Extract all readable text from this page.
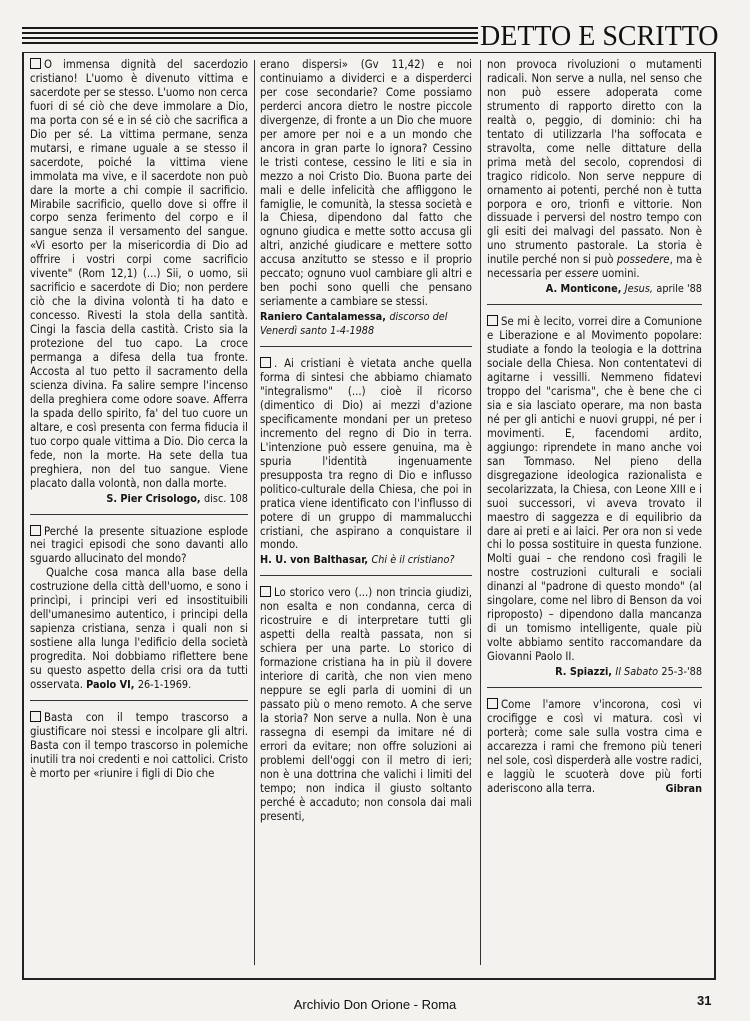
DETTO E SCRITTO

O immensa dignità del sacerdozio cristiano! L'uomo è divenuto vittima e sacerdote per se stesso. L'uomo non cerca fuori di sé ciò che deve immolare a Dio, ma porta con sé e in sé ciò che sacrifica a Dio per sé. La vittima permane, senza mutarsi, e rimane uguale a se stesso il sacerdote, poiché la vittima viene immolata ma vive, e il sacerdote non può dare la morte a chi compie il sacrificio. Mirabile sacrificio, quello dove si offre il corpo senza ferimento del corpo e il sangue senza il versamento del sangue. «Vi esorto per la misericordia di Dio ad offrire i vostri corpi come sacrificio vivente" (Rom 12,1) (...) Sii, o uomo, sii sacrificio e sacerdote di Dio; non perdere ciò che la divina volontà ti ha dato e concesso. Rivesti la stola della santità. Cingi la fascia della castità. Cristo sia la protezione del tuo capo. La croce permanga a difesa della tua fronte. Accosta al tuo petto il sacramento della scienza divina. Fa salire sempre l'incenso della preghiera come odore soave. Afferra la spada dello spirito, fa' del tuo cuore un altare, e così presenta con ferma fiducia il tuo corpo quale vittima a Dio. Dio cerca la fede, non la morte. Ha sete della tua preghiera, non del tuo sangue. Viene placato dalla volontà, non dalla morte.

S. Pier Crisologo, disc. 108

Perché la presente situazione esplode nei tragici episodi che sono davanti allo sguardo allucinato del mondo?

Qualche cosa manca alla base della costruzione della città dell'uomo, e sono i princìpi, i principi veri ed insostituibili dell'umanesimo autentico, i principi della sapienza cristiana, senza i quali non si sostiene alla lunga l'edificio della società progredita. Noi dobbiamo riflettere bene su questo aspetto della crisi ora da tutti osservata. Paolo VI, 26-1-1969.

Basta con il tempo trascorso a giustificare noi stessi e incolpare gli altri. Basta con il tempo trascorso in polemiche inutili tra noi credenti e noi cattolici. Cristo è morto per «riunire i figli di Dio che

erano dispersi» (Gv 11,42) e noi continuiamo a dividerci e a disperderci per cose secondarie? Come possiamo perderci ancora dietro le nostre piccole divergenze, di fronte a un Dio che muore per amore per noi e a un mondo che ancora in gran parte lo ignora? Cessino le tristi contese, cessino le liti e sia in mezzo a noi Cristo Dio. Buona parte dei mali e delle infelicità che affliggono le famiglie, le comunità, la stessa società e la Chiesa, dipendono dal fatto che ognuno giudica e mette sotto accusa gli altri, anziché giudicare e mettere sotto accusa anzitutto se stesso e il proprio peccato; ognuno vuol cambiare gli altri e ben pochi sono quelli che pensano seriamente a cambiare se stessi.

Raniero Cantalamessa, discorso del Venerdì santo 1-4-1988

. Ai cristiani è vietata anche quella forma di sintesi che abbiamo chiamato "integralismo" (...) cioè il ricorso (dimentico di Dio) ai mezzi d'azione specificamente mondani per un preteso incremento del regno di Dio in terra. L'intenzione può essere genuina, ma è spuria l'identità ingenuamente presupposta tra regno di Dio e influsso politico-culturale della Chiesa, che poi in pratica viene identificato con l'influsso di potere di un gruppo di mammalucchi cristiani, che aspirano a conquistare il mondo.

H. U. von Balthasar, Chi è il cristiano?

Lo storico vero (...) non trincia giudizi, non esalta e non condanna, cerca di ricostruire e di interpretare tutti gli aspetti della realtà passata, non si schiera per una parte. Lo storico di formazione cristiana ha in più il dovere interiore di carità, che non vien meno neppure se egli parla di uomini di un passato più o meno remoto. A che serve la storia? Non serve a nulla. Non è una rassegna di esempi da imitare né di errori da evitare; non offre soluzioni ai problemi dell'oggi con il metro di ieri; non è una dottrina che valichi i limiti del tempo; non indica il giusto soltanto perché è accaduto; non consola dai mali presenti,

non provoca rivoluzioni o mutamenti radicali. Non serve a nulla, nel senso che non può essere adoperata come strumento di rapporto diretto con la realtà o, peggio, di dominio: chi ha tentato di utilizzarla l'ha soffocata e stravolta, come nelle dittature della prima metà del secolo, coprendosi di tragico ridicolo. Non serve neppure di ornamento ai potenti, perché non è tutta porpora e oro, trionfi e vittorie. Non dissuade i perversi del nostro tempo con gli esiti dei malvagi del passato. Non è uno strumento pastorale. La storia è inutile perché non si può possedere, ma è necessaria per essere uomini.

A. Monticone, Jesus, aprile '88

Se mi è lecito, vorrei dire a Comunione e Liberazione e al Movimento popolare: studiate a fondo la teologia e la dottrina sociale della Chiesa. Non contentatevi di agitarne i vessilli. Nemmeno fidatevi troppo del "carisma", che è bene che ci sia e sia lasciato operare, ma non basta né per gli antichi e nuovi gruppi, né per i movimenti. E, facendomi ardito, aggiungo: riprendete in mano anche voi san Tommaso. Nel pieno della disgregazione ideologica razionalista e secolarizzata, la Chiesa, con Leone XIII e i suoi successori, vi aveva trovato il maestro di saggezza e di equilibrio da dare ai preti e ai laici. Per ora non si vede chi lo possa sostituire in questa funzione. Molti guai – che rendono così fragili le nostre costruzioni culturali e sociali dinanzi al "padrone di questo mondo" (al singolare, come nel libro di Benson da voi riproposto) – dipendono dalla mancanza di un tomismo intelligente, quale più volte abbiamo sentito raccomandare da Giovanni Paolo II.

R. Spiazzi, Il Sabato 25-3-'88

Come l'amore v'incorona, così vi crocifigge e così vi matura. così vi porterà; come sale sulla vostra cima e accarezza i rami che fremono più teneri nel sole, così disperderà alle vostre radici, e laggiù le scuoterà dove più forti aderiscono alla terra.	Gibran

Archivio Don Orione - Roma	31
